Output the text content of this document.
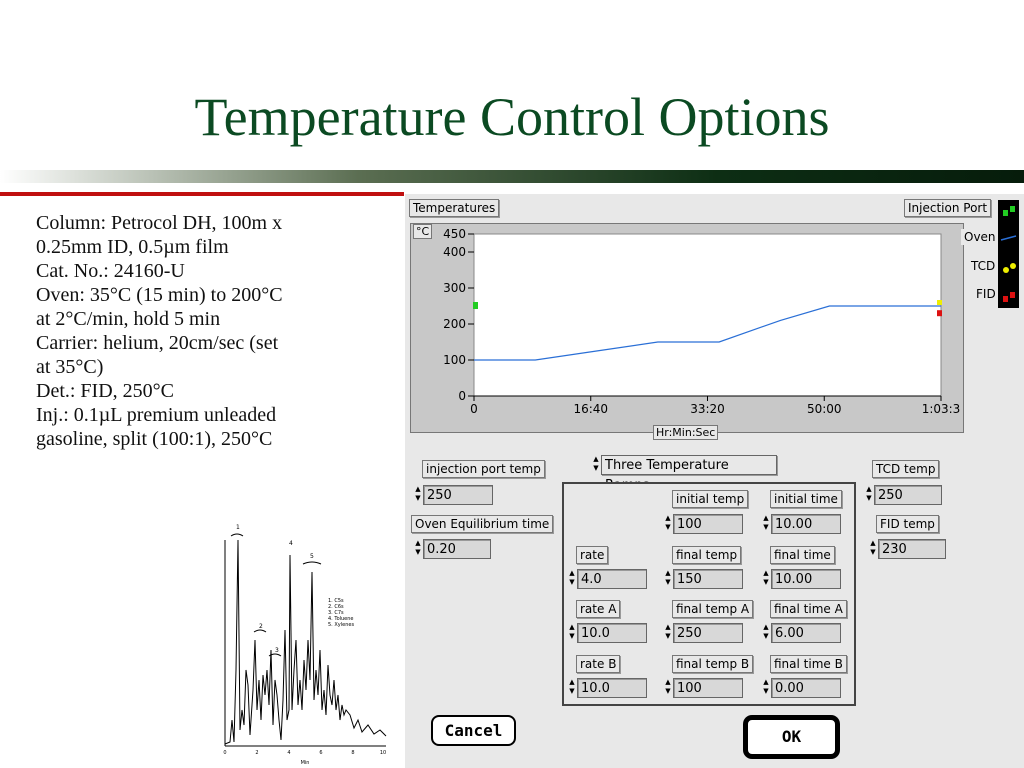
Temperature Control Options
Column: Petrocol DH, 100m x
0.25mm ID, 0.5µm film
Cat. No.: 24160-U
Oven: 35°C (15 min) to 200°C
at 2°C/min, hold 5 min
Carrier: helium, 20cm/sec (set
at 35°C)
Det.: FID, 250°C
Inj.: 0.1µL premium unleaded
gasoline, split (100:1), 250°C
1
2
3
4
5
1. C5s
2. C6s
3. C7s
4. Toluene
5. Xylenes
0	2	4	6	8	10
Min
Temperatures
0
100
200
300
400
450
0	16:40	33:20	50:00	1:03:3
°C
Injection Port
Oven
TCD
FID
injection port temp
▲
▼ 250
Oven Equilibrium time
▲
▼ 0.20
▲
▼ Three Temperature	TCD temp
▲
▼ 250
FID temp
▲
▼ 230
initial temp
▲
▼ 100
initial time
▲
▼ 10.00
rate
▲
▼ 4.0
final temp
▲
▼ 150
final time
▲
▼ 10.00
rate A
▲
▼ 10.0
final temp A
▲
▼ 250
final time A
▲
▼ 6.00
rate B
▲
▼ 10.0
final temp B
▲
▼ 100
final time B
▲
▼ 0.00
Cancel	OK
Hr:Min:Sec
